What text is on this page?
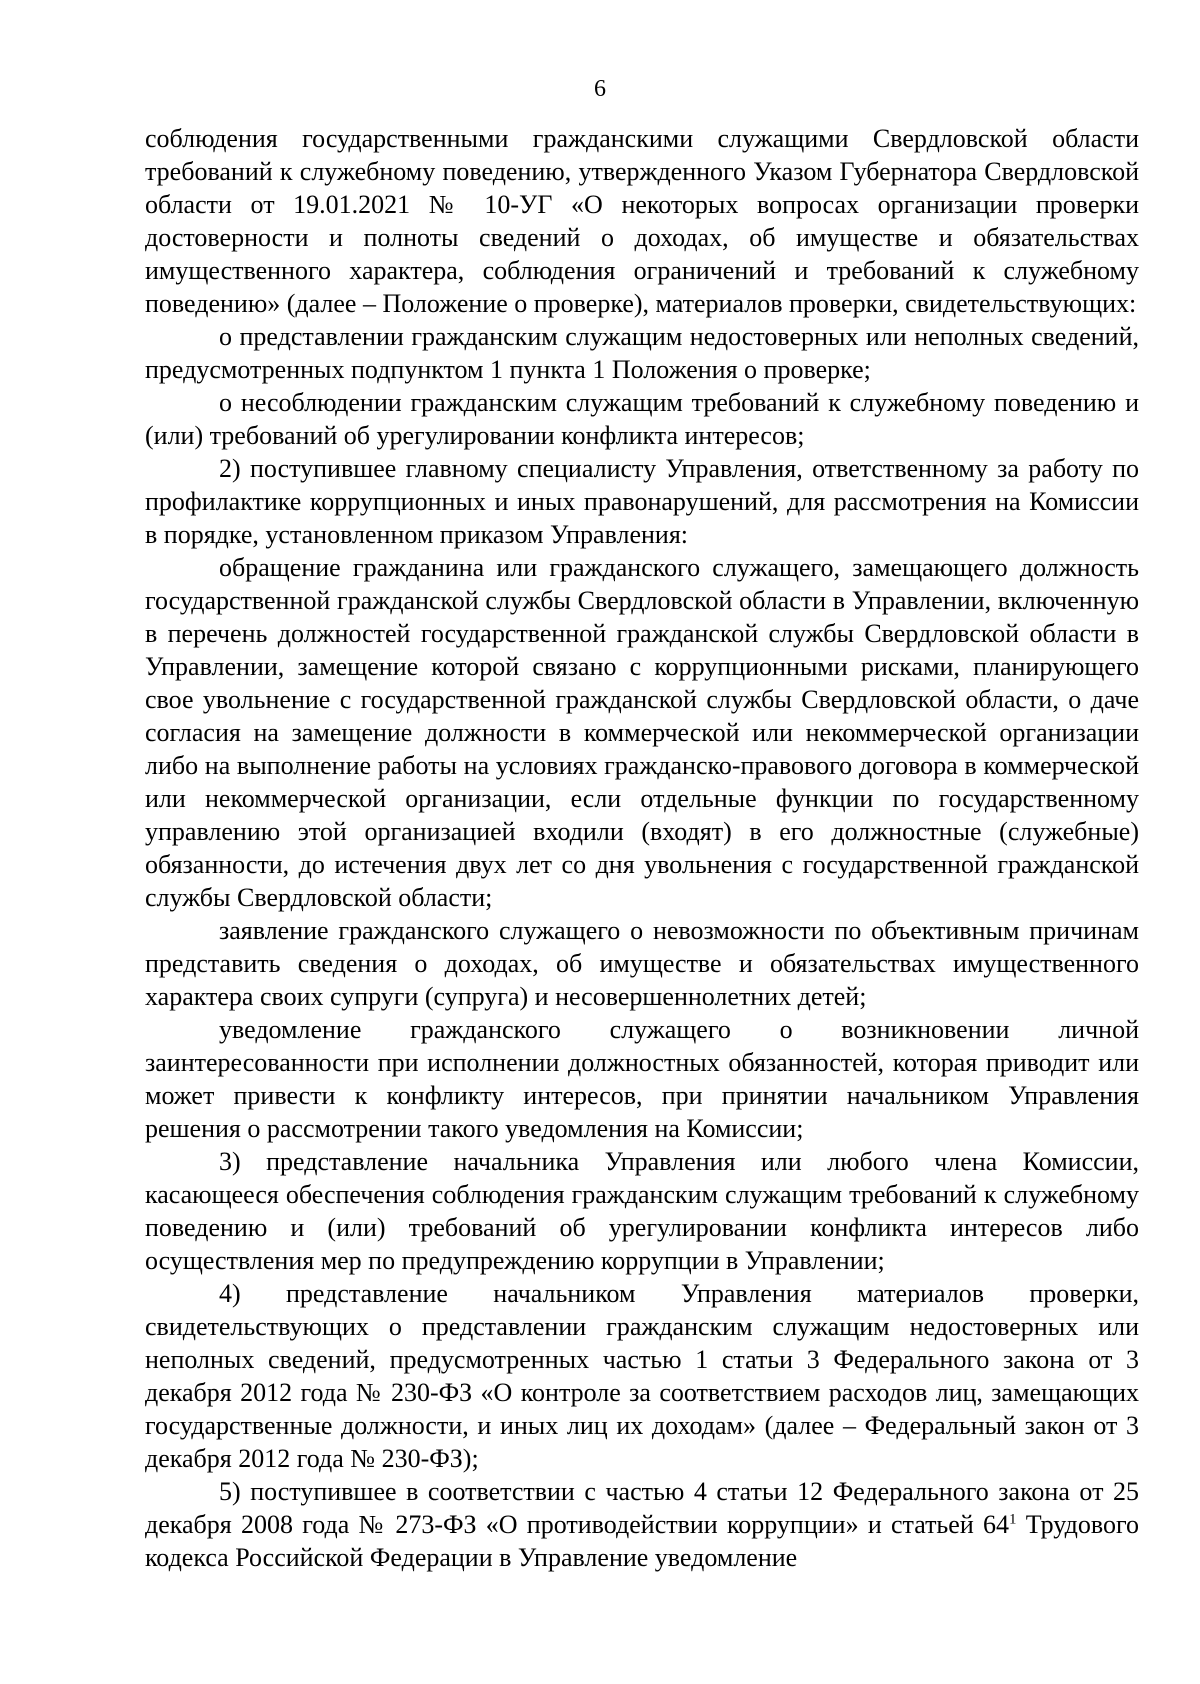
6

соблюдения государственными гражданскими служащими Свердловской области требований к служебному поведению, утвержденного Указом Губернатора Свердловской области от 19.01.2021 № 10-УГ «О некоторых вопросах организации проверки достоверности и полноты сведений о доходах, об имуществе и обязательствах имущественного характера, соблюдения ограничений и требований к служебному поведению» (далее – Положение о проверке), материалов проверки, свидетельствующих:

о представлении гражданским служащим недостоверных или неполных сведений, предусмотренных подпунктом 1 пункта 1 Положения о проверке;

о несоблюдении гражданским служащим требований к служебному поведению и (или) требований об урегулировании конфликта интересов;

2) поступившее главному специалисту Управления, ответственному за работу по профилактике коррупционных и иных правонарушений, для рассмотрения на Комиссии в порядке, установленном приказом Управления:

обращение гражданина или гражданского служащего, замещающего должность государственной гражданской службы Свердловской области в Управлении, включенную в перечень должностей государственной гражданской службы Свердловской области в Управлении, замещение которой связано с коррупционными рисками, планирующего свое увольнение с государственной гражданской службы Свердловской области, о даче согласия на замещение должности в коммерческой или некоммерческой организации либо на выполнение работы на условиях гражданско-правового договора в коммерческой или некоммерческой организации, если отдельные функции по государственному управлению этой организацией входили (входят) в его должностные (служебные) обязанности, до истечения двух лет со дня увольнения с государственной гражданской службы Свердловской области;

заявление гражданского служащего о невозможности по объективным причинам представить сведения о доходах, об имуществе и обязательствах имущественного характера своих супруги (супруга) и несовершеннолетних детей;

уведомление гражданского служащего о возникновении личной заинтересованности при исполнении должностных обязанностей, которая приводит или может привести к конфликту интересов, при принятии начальником Управления решения о рассмотрении такого уведомления на Комиссии;

3) представление начальника Управления или любого члена Комиссии, касающееся обеспечения соблюдения гражданским служащим требований к служебному поведению и (или) требований об урегулировании конфликта интересов либо осуществления мер по предупреждению коррупции в Управлении;

4) представление начальником Управления материалов проверки, свидетельствующих о представлении гражданским служащим недостоверных или неполных сведений, предусмотренных частью 1 статьи 3 Федерального закона от 3 декабря 2012 года № 230-ФЗ «О контроле за соответствием расходов лиц, замещающих государственные должности, и иных лиц их доходам» (далее – Федеральный закон от 3 декабря 2012 года № 230-ФЗ);

5) поступившее в соответствии с частью 4 статьи 12 Федерального закона от 25 декабря 2008 года № 273-ФЗ «О противодействии коррупции» и статьей $64^1$ Трудового кодекса Российской Федерации в Управление уведомление
